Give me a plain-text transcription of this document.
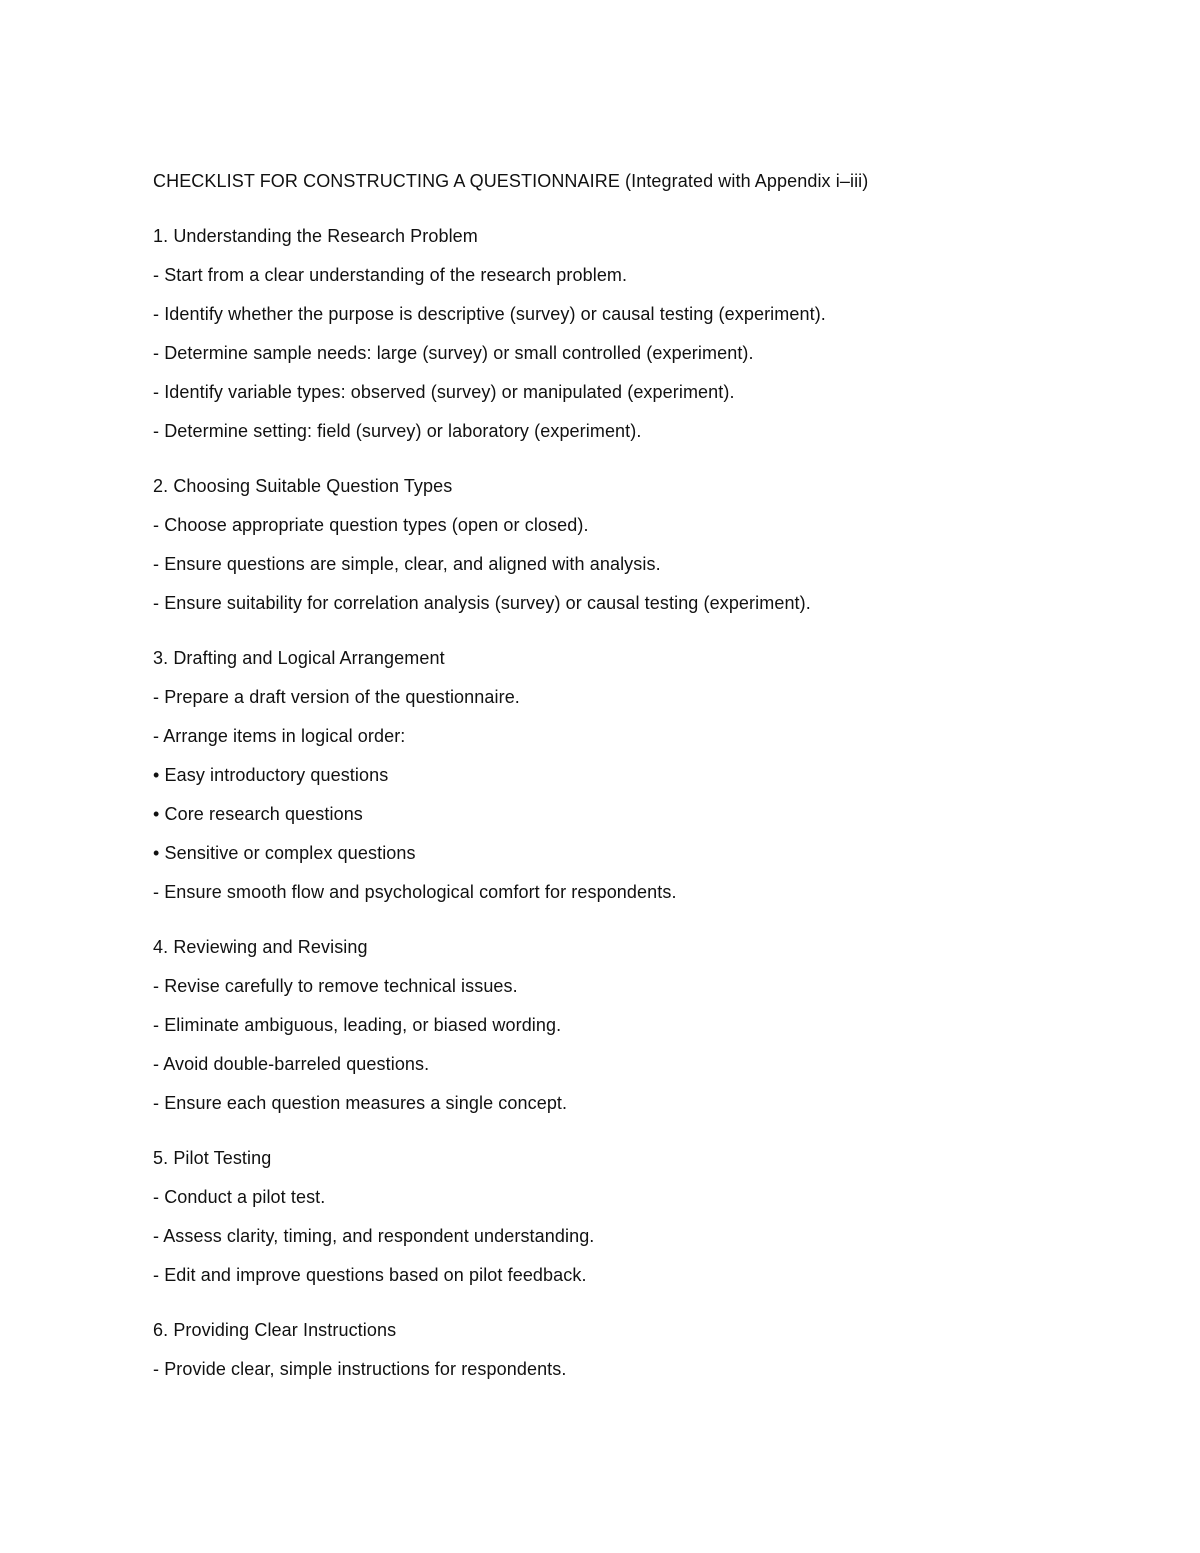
CHECKLIST FOR CONSTRUCTING A QUESTIONNAIRE (Integrated with Appendix i–iii)
1. Understanding the Research Problem
- Start from a clear understanding of the research problem.
- Identify whether the purpose is descriptive (survey) or causal testing (experiment).
- Determine sample needs: large (survey) or small controlled (experiment).
- Identify variable types: observed (survey) or manipulated (experiment).
- Determine setting: field (survey) or laboratory (experiment).
2. Choosing Suitable Question Types
- Choose appropriate question types (open or closed).
- Ensure questions are simple, clear, and aligned with analysis.
- Ensure suitability for correlation analysis (survey) or causal testing (experiment).
3. Drafting and Logical Arrangement
- Prepare a draft version of the questionnaire.
- Arrange items in logical order:
• Easy introductory questions
• Core research questions
• Sensitive or complex questions
- Ensure smooth flow and psychological comfort for respondents.
4. Reviewing and Revising
- Revise carefully to remove technical issues.
- Eliminate ambiguous, leading, or biased wording.
- Avoid double-barreled questions.
- Ensure each question measures a single concept.
5. Pilot Testing
- Conduct a pilot test.
- Assess clarity, timing, and respondent understanding.
- Edit and improve questions based on pilot feedback.
6. Providing Clear Instructions
- Provide clear, simple instructions for respondents.
